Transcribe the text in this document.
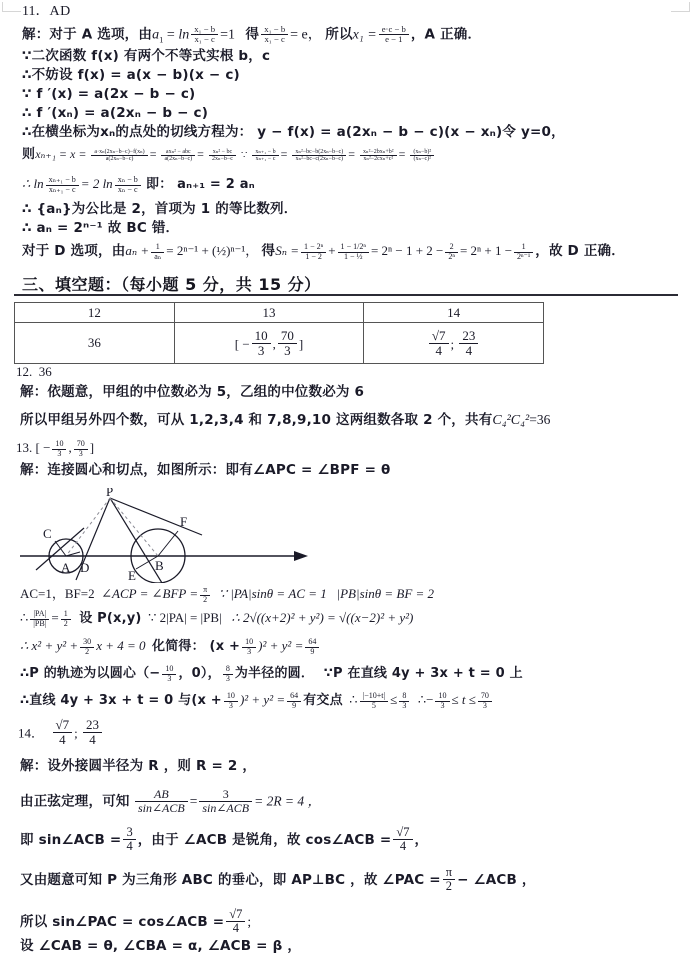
11．AD
解：对于 A 选项，由$a_1 = \ln \frac{\text{x₁ − b}}{\text{x₁ − c}} =1$ 得 $\frac{\text{x₁ − b}}{\text{x₁ − c}} = e$， 所以$x_1 = \frac{e\cdot c - b}{e - 1}$ ，A 正确．
∵二次函数 f(x) 有两个不等式实根 b，c
∴不妨设 f(x) = a(x − b)(x − c)
∵ f ′(x) = a(2x − b − c)
∴ f ′(xₙ) = a(2xₙ − b − c)
∴在横坐标为xₙ的点处的切线方程为： y − f(x) = a(2xₙ − b − c)(x − xₙ)令 y=0，
则$x_{n+1} = x = \frac{\text{a·xₙ(2xₙ−b−c)−f(xₙ)}}{\text{a(2xₙ−b−c)}}$ =	axₙ² − abc
$a(2x_n-b-c) = \frac{\text{xₙ² − bc}}{\text{2xₙ−b−c}}$ ∵ $\frac{\text{xₙ₊₁ − b}}{\text{xₙ₊₁ − c}} = \frac{\text{xₙ²−bc−b(2xₙ−b−c)}}{\text{xₙ²−bc−c(2xₙ−b−c)}} = x_n^2-2bx_n+b^2$
$x_n^2-2cx_n+c^2 = \frac{\text{(xₙ−b)²}}{\text{(xₙ−c)²}}$
∴ $\ln \frac{\text{xₙ₊₁ − b}}{\text{xₙ₊₁ − c}} = 2$ $\ln \frac{\text{xₙ − b}}{\text{xₙ − c}}$ 即： aₙ₊₁ = 2 aₙ
∴ {aₙ}为公比是 2，首项为 1 的等比数列．
∴ aₙ = 2ⁿ⁻¹ 故 BC 错．
对于 D 选项，由$a_n + \frac{1}{\text{aₙ}} = 2^{n-1}$ + (½)ⁿ⁻¹， 得$S_n = \frac{\text{1 − 2ⁿ}}{1 - 2} + \frac{\text{1 − 1/2ⁿ}}{\text{1 − ½}} = 2^n - 1 + 2 - \frac{2}{\text{2ⁿ}} = 2^n + 1 - \frac{1}{\text{2ⁿ⁻¹}}$ ，故 D 正确．
三、填空题：（每小题 5 分，共 15 分）
12	13	14
36	[ − $\frac{10}{3}$ , $\frac{70}{3}$ ]	$\frac{√7}{4}$ ; $\frac{23}{4}$
12. 36
解：依题意，甲组的中位数必为 5，乙组的中位数必为 6
所以甲组另外四个数，可从 1,2,3,4 和 7,8,9,10 这两组数各取 2 个，共有C₄²C₄²=36
13. [ − $\frac{10}{3}$ , $\frac{70}{3}$ ]
解：连接圆心和切点，如图所示：即有∠APC = ∠BPF = θ
P
C
F
A D
E
B
AC=1，BF=2 ∠ACP = ∠BFP = $\frac{\pi}{2}$ ∵ |PA|sinθ = AC = 1 |PB|sinθ = BF = 2
∴ $\frac{|PA|}{|PB|} = \frac{1}{2}$ 设 P(x,y) ∵ 2|PA| = |PB| ∴ 2√((x+2)² + y²) = √((x−2)² + y²)
∴ $x^2 + y^2 + \frac{30}{2}$ x + 4 = 0 化简得： $(x + \frac{10}{3} )^2 + y^2 = \frac{64}{9}$
∴P 的轨迹为以圆心（− $\frac{10}{3}$ ，0）， $\frac{8}{3}$ 为半径的圆． ∵P 在直线 4y + 3x + t = 0 上
∴直线 4y + 3x + t = 0 与$(x + \frac{10}{3} )^2 + y^2 = \frac{64}{9}$ 有交点 ∴ $\frac{|-10+t|}{5} \le \frac{8}{3}$ ∴− $\frac{10}{3} \le t \le \frac{70}{3}$
14． $\frac{√7}{4}$ ; $\frac{23}{4}$
解：设外接圆半径为 R ，则 R = 2 ，
由正弦定理，可知	AB
sin∠ACB =	3
sin∠ACB = 2R = 4 ，
即 sin∠ACB = $\frac{3}{4}$ ，由于 ∠ACB 是锐角，故 cos∠ACB = $\frac{√7}{4}$ ，
又由题意可知 P 为三角形 ABC 的垂心，即 AP⊥BC ，故 ∠PAC = $\frac{\pi}{2}$ − ∠ACB ，
所以 sin∠PAC = cos∠ACB = $\frac{√7}{4}$ ;
设 ∠CAB = θ, ∠CBA = α, ∠ACB = β ，
